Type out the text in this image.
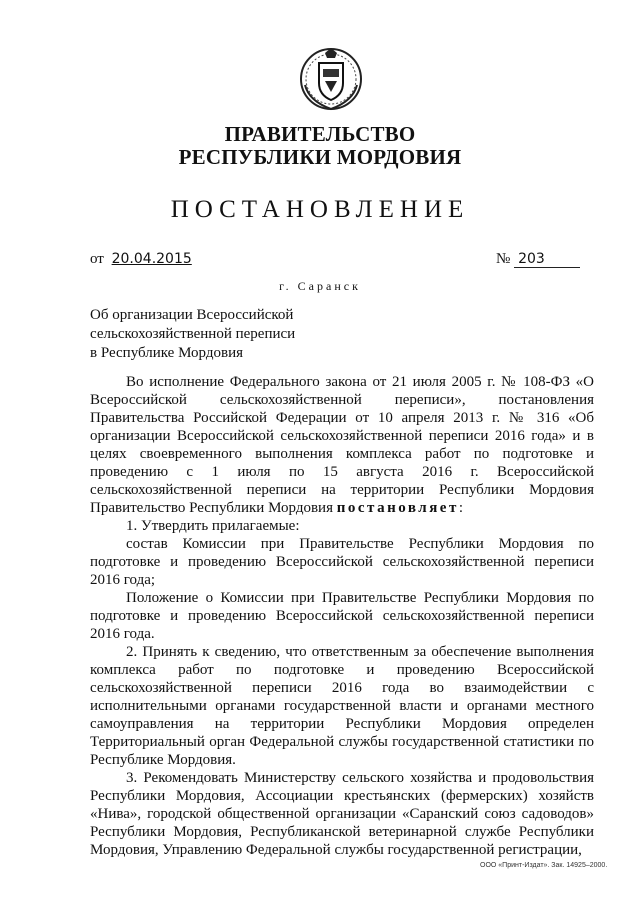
ПРАВИТЕЛЬСТВО
РЕСПУБЛИКИ МОРДОВИЯ
ПОСТАНОВЛЕНИЕ
от 20.04.2015	№ 203
г. Саранск
Об организации Всероссийской
сельскохозяйственной переписи
в Республике Мордовия

Во исполнение Федерального закона от 21 июля 2005 г. № 108-ФЗ «О Всероссийской сельскохозяйственной переписи», постановления Правительства Российской Федерации от 10 апреля 2013 г. № 316 «Об организации Всероссийской сельскохозяйственной переписи 2016 года» и в целях своевременного выполнения комплекса работ по подготовке и проведению с 1 июля по 15 августа 2016 г. Всероссийской сельскохозяйственной переписи на территории Республики Мордовия Правительство Республики Мордовия постановляет:

1. Утвердить прилагаемые:

состав Комиссии при Правительстве Республики Мордовия по подготовке и проведению Всероссийской сельскохозяйственной переписи 2016 года;

Положение о Комиссии при Правительстве Республики Мордовия по подготовке и проведению Всероссийской сельскохозяйственной переписи 2016 года.

2. Принять к сведению, что ответственным за обеспечение выполнения комплекса работ по подготовке и проведению Всероссийской сельскохозяйственной переписи 2016 года во взаимодействии с исполнительными органами государственной власти и органами местного самоуправления на территории Республики Мордовия определен Территориальный орган Федеральной службы государственной статистики по Республике Мордовия.

3. Рекомендовать Министерству сельского хозяйства и продовольствия Республики Мордовия, Ассоциации крестьянских (фермерских) хозяйств «Нива», городской общественной организации «Саранский союз садоводов» Республики Мордовия, Республиканской ветеринарной службе Республики Мордовия, Управлению Федеральной службы государственной регистрации,

ООО «Принт-Издат». Зак. 14925–2000.
